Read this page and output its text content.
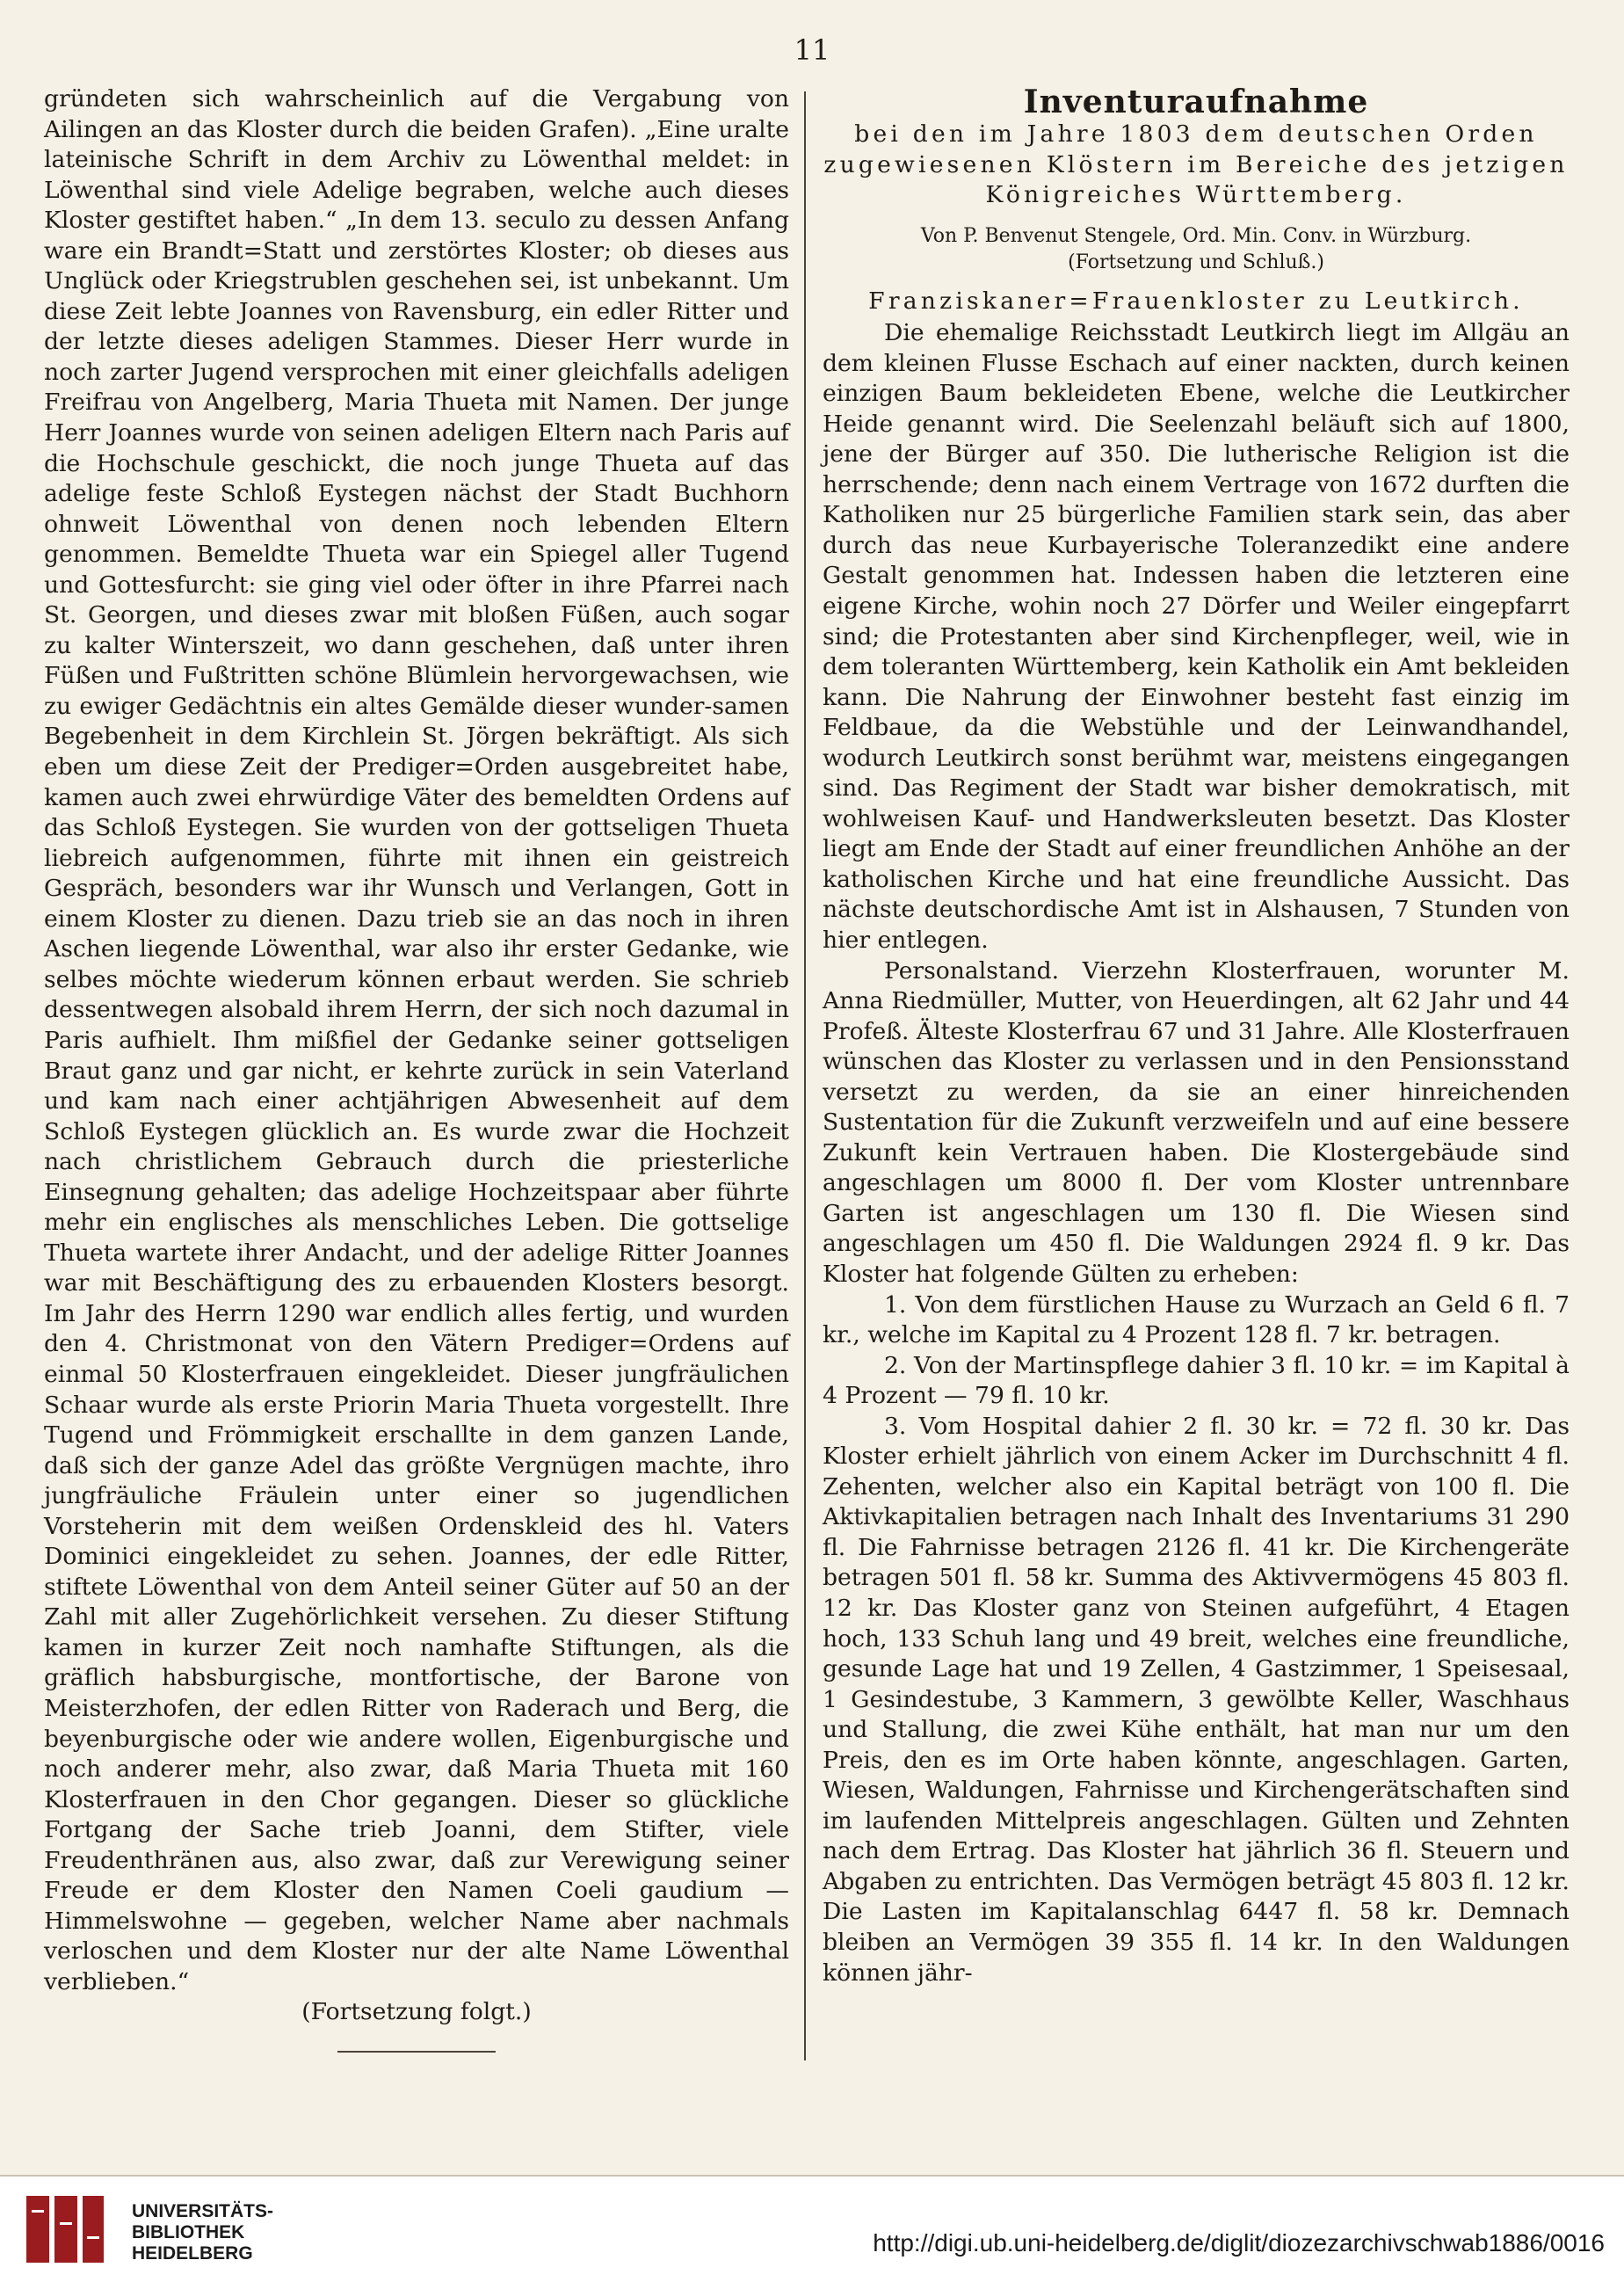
11

gründeten sich wahrscheinlich auf die Vergabung von Ailingen an das Kloster durch die beiden Grafen). „Eine uralte lateinische Schrift in dem Archiv zu Löwenthal meldet: in Löwenthal sind viele Adelige begraben, welche auch dieses Kloster gestiftet haben.“ „In dem 13. seculo zu dessen Anfang ware ein Brandt=Statt und zerstörtes Kloster; ob dieses aus Unglück oder Kriegstrublen geschehen sei, ist unbekannt. Um diese Zeit lebte Joannes von Ravensburg, ein edler Ritter und der letzte dieses adeligen Stammes. Dieser Herr wurde in noch zarter Jugend versprochen mit einer gleichfalls adeligen Freifrau von Angelberg, Maria Thueta mit Namen. Der junge Herr Joannes wurde von seinen adeligen Eltern nach Paris auf die Hochschule geschickt, die noch junge Thueta auf das adelige feste Schloß Eystegen nächst der Stadt Buchhorn ohnweit Löwenthal von denen noch lebenden Eltern genommen. Bemeldte Thueta war ein Spiegel aller Tugend und Gottesfurcht: sie ging viel oder öfter in ihre Pfarrei nach St. Georgen, und dieses zwar mit bloßen Füßen, auch sogar zu kalter Winterszeit, wo dann geschehen, daß unter ihren Füßen und Fußtritten schöne Blümlein hervorgewachsen, wie zu ewiger Gedächtnis ein altes Gemälde dieser wunder-samen Begebenheit in dem Kirchlein St. Jörgen bekräftigt. Als sich eben um diese Zeit der Prediger=Orden ausgebreitet habe, kamen auch zwei ehrwürdige Väter des bemeldten Ordens auf das Schloß Eystegen. Sie wurden von der gottseligen Thueta liebreich aufgenommen, führte mit ihnen ein geistreich Gespräch, besonders war ihr Wunsch und Verlangen, Gott in einem Kloster zu dienen. Dazu trieb sie an das noch in ihren Aschen liegende Löwenthal, war also ihr erster Gedanke, wie selbes möchte wiederum können erbaut werden. Sie schrieb dessentwegen alsobald ihrem Herrn, der sich noch dazumal in Paris aufhielt. Ihm mißfiel der Gedanke seiner gottseligen Braut ganz und gar nicht, er kehrte zurück in sein Vaterland und kam nach einer achtjährigen Abwesenheit auf dem Schloß Eystegen glücklich an. Es wurde zwar die Hochzeit nach christlichem Gebrauch durch die priesterliche Einsegnung gehalten; das adelige Hochzeitspaar aber führte mehr ein englisches als menschliches Leben. Die gottselige Thueta wartete ihrer Andacht, und der adelige Ritter Joannes war mit Beschäftigung des zu erbauenden Klosters besorgt. Im Jahr des Herrn 1290 war endlich alles fertig, und wurden den 4. Christmonat von den Vätern Prediger=Ordens auf einmal 50 Klosterfrauen eingekleidet. Dieser jungfräulichen Schaar wurde als erste Priorin Maria Thueta vorgestellt. Ihre Tugend und Frömmigkeit erschallte in dem ganzen Lande, daß sich der ganze Adel das größte Vergnügen machte, ihro jungfräuliche Fräulein unter einer so jugendlichen Vorsteherin mit dem weißen Ordenskleid des hl. Vaters Dominici eingekleidet zu sehen. Joannes, der edle Ritter, stiftete Löwenthal von dem Anteil seiner Güter auf 50 an der Zahl mit aller Zugehörlichkeit versehen. Zu dieser Stiftung kamen in kurzer Zeit noch namhafte Stiftungen, als die gräflich habsburgische, montfortische, der Barone von Meisterzhofen, der edlen Ritter von Raderach und Berg, die beyenburgische oder wie andere wollen, Eigenburgische und noch anderer mehr, also zwar, daß Maria Thueta mit 160 Klosterfrauen in den Chor gegangen. Dieser so glückliche Fortgang der Sache trieb Joanni, dem Stifter, viele Freudenthränen aus, also zwar, daß zur Verewigung seiner Freude er dem Kloster den Namen Coeli gaudium — Himmelswohne — gegeben, welcher Name aber nachmals verloschen und dem Kloster nur der alte Name Löwenthal verblieben.“

(Fortsetzung folgt.)

Inventuraufnahme
bei den im Jahre 1803 dem deutschen Orden zugewiesenen Klöstern im Bereiche des jetzigen Königreiches Württemberg.
Von P. Benvenut Stengele, Ord. Min. Conv. in Würzburg.
(Fortsetzung und Schluß.)
Franziskaner=Frauenkloster zu Leutkirch.

Die ehemalige Reichsstadt Leutkirch liegt im Allgäu an dem kleinen Flusse Eschach auf einer nackten, durch keinen einzigen Baum bekleideten Ebene, welche die Leutkircher Heide genannt wird. Die Seelenzahl beläuft sich auf 1800, jene der Bürger auf 350. Die lutherische Religion ist die herrschende; denn nach einem Vertrage von 1672 durften die Katholiken nur 25 bürgerliche Familien stark sein, das aber durch das neue Kurbayerische Toleranzedikt eine andere Gestalt genommen hat. Indessen haben die letzteren eine eigene Kirche, wohin noch 27 Dörfer und Weiler eingepfarrt sind; die Protestanten aber sind Kirchenpfleger, weil, wie in dem toleranten Württemberg, kein Katholik ein Amt bekleiden kann. Die Nahrung der Einwohner besteht fast einzig im Feldbaue, da die Webstühle und der Leinwandhandel, wodurch Leutkirch sonst berühmt war, meistens eingegangen sind. Das Regiment der Stadt war bisher demokratisch, mit wohlweisen Kauf- und Handwerksleuten besetzt. Das Kloster liegt am Ende der Stadt auf einer freundlichen Anhöhe an der katholischen Kirche und hat eine freundliche Aussicht. Das nächste deutschordische Amt ist in Alshausen, 7 Stunden von hier entlegen.

Personalstand. Vierzehn Klosterfrauen, worunter M. Anna Riedmüller, Mutter, von Heuerdingen, alt 62 Jahr und 44 Profeß. Älteste Klosterfrau 67 und 31 Jahre. Alle Klosterfrauen wünschen das Kloster zu verlassen und in den Pensionsstand versetzt zu werden, da sie an einer hinreichenden Sustentation für die Zukunft verzweifeln und auf eine bessere Zukunft kein Vertrauen haben. Die Klostergebäude sind angeschlagen um 8000 fl. Der vom Kloster untrennbare Garten ist angeschlagen um 130 fl. Die Wiesen sind angeschlagen um 450 fl. Die Waldungen 2924 fl. 9 kr. Das Kloster hat folgende Gülten zu erheben:

1. Von dem fürstlichen Hause zu Wurzach an Geld 6 fl. 7 kr., welche im Kapital zu 4 Prozent 128 fl. 7 kr. betragen.

2. Von der Martinspflege dahier 3 fl. 10 kr. = im Kapital à 4 Prozent — 79 fl. 10 kr.

3. Vom Hospital dahier 2 fl. 30 kr. = 72 fl. 30 kr. Das Kloster erhielt jährlich von einem Acker im Durchschnitt 4 fl. Zehenten, welcher also ein Kapital beträgt von 100 fl. Die Aktivkapitalien betragen nach Inhalt des Inventariums 31 290 fl. Die Fahrnisse betragen 2126 fl. 41 kr. Die Kirchengeräte betragen 501 fl. 58 kr. Summa des Aktivvermögens 45 803 fl. 12 kr. Das Kloster ganz von Steinen aufgeführt, 4 Etagen hoch, 133 Schuh lang und 49 breit, welches eine freundliche, gesunde Lage hat und 19 Zellen, 4 Gastzimmer, 1 Speisesaal, 1 Gesindestube, 3 Kammern, 3 gewölbte Keller, Waschhaus und Stallung, die zwei Kühe enthält, hat man nur um den Preis, den es im Orte haben könnte, angeschlagen. Garten, Wiesen, Waldungen, Fahrnisse und Kirchengerätschaften sind im laufenden Mittelpreis angeschlagen. Gülten und Zehnten nach dem Ertrag. Das Kloster hat jährlich 36 fl. Steuern und Abgaben zu entrichten. Das Vermögen beträgt 45 803 fl. 12 kr. Die Lasten im Kapitalanschlag 6447 fl. 58 kr. Demnach bleiben an Vermögen 39 355 fl. 14 kr. In den Waldungen können jähr-

UNIVERSITÄTS-
BIBLIOTHEK
HEIDELBERG	http://digi.ub.uni-heidelberg.de/diglit/diozezarchivschwab1886/0016
